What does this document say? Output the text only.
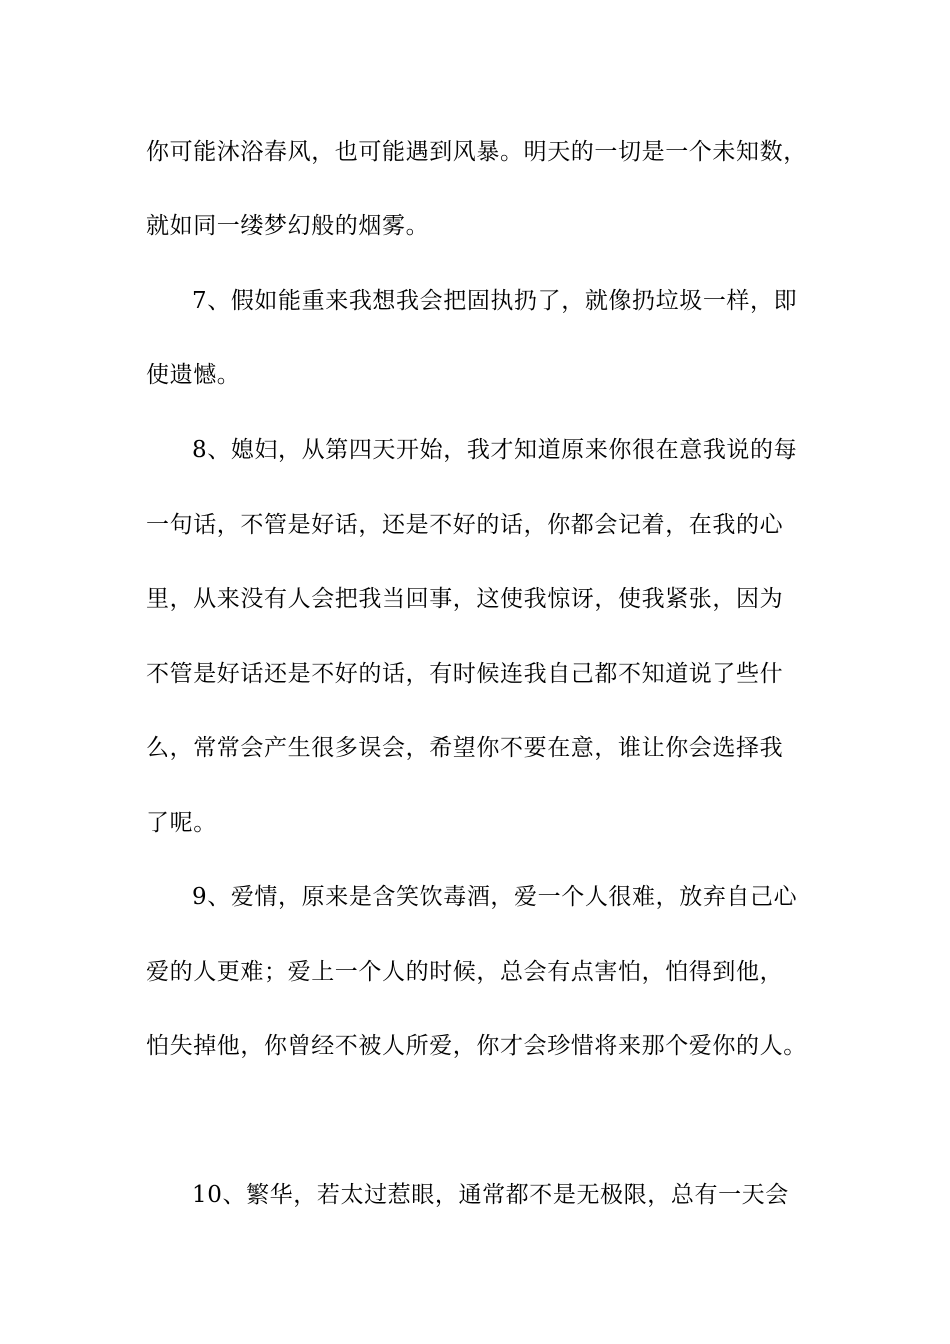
你可能沐浴春风，也可能遇到风暴。明天的一切是一个未知数，
就如同一缕梦幻般的烟雾。
7、假如能重来我想我会把固执扔了，就像扔垃圾一样，即
使遗憾。
8、媳妇，从第四天开始，我才知道原来你很在意我说的每
一句话，不管是好话，还是不好的话，你都会记着，在我的心
里，从来没有人会把我当回事，这使我惊讶，使我紧张，因为
不管是好话还是不好的话，有时候连我自己都不知道说了些什
么，常常会产生很多误会，希望你不要在意，谁让你会选择我
了呢。
9、爱情，原来是含笑饮毒酒，爱一个人很难，放弃自己心
爱的人更难；爱上一个人的时候，总会有点害怕，怕得到他，
怕失掉他，你曾经不被人所爱，你才会珍惜将来那个爱你的人。
10、繁华，若太过惹眼，通常都不是无极限，总有一天会
